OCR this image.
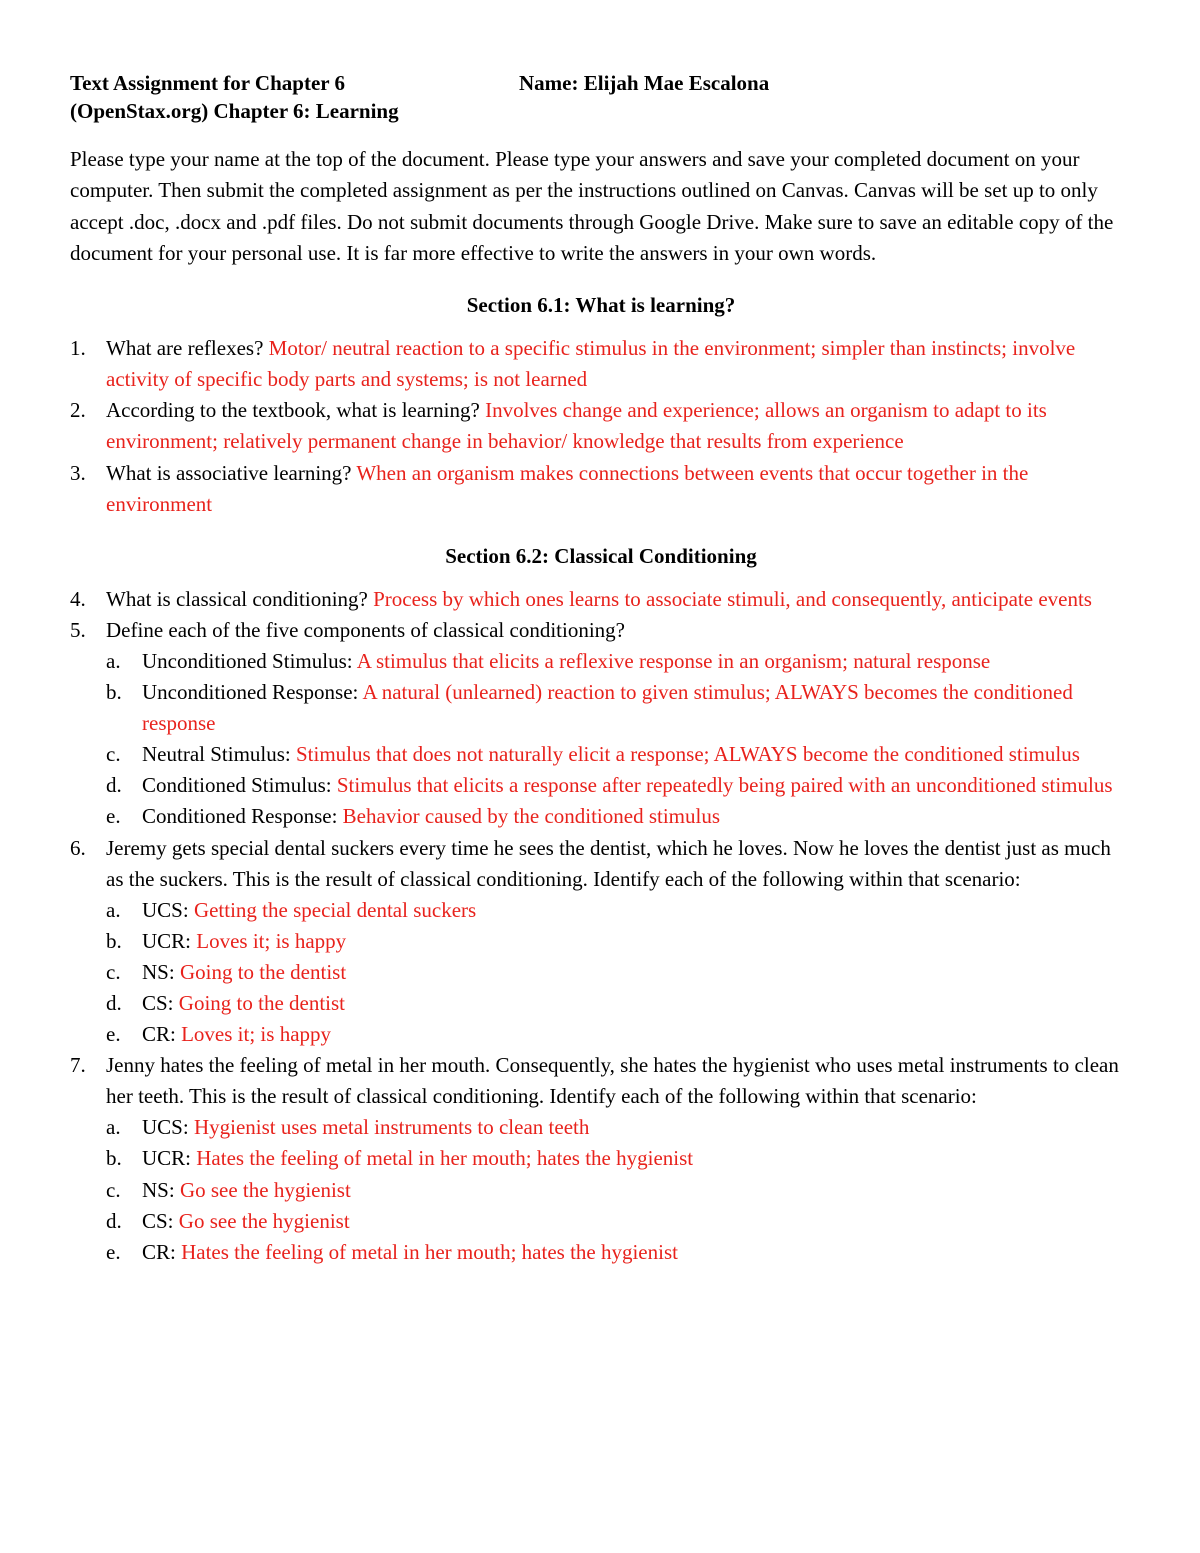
Text Assignment for Chapter 6
(OpenStax.org) Chapter 6: Learning
Name: Elijah Mae Escalona

Please type your name at the top of the document. Please type your answers and save your completed document on your computer. Then submit the completed assignment as per the instructions outlined on Canvas. Canvas will be set up to only accept .doc, .docx and .pdf files. Do not submit documents through Google Drive. Make sure to save an editable copy of the document for your personal use. It is far more effective to write the answers in your own words.

Section 6.1: What is learning?

1. What are reflexes? Motor/ neutral reaction to a specific stimulus in the environment; simpler than instincts; involve activity of specific body parts and systems; is not learned
2. According to the textbook, what is learning? Involves change and experience; allows an organism to adapt to its environment; relatively permanent change in behavior/ knowledge that results from experience
3. What is associative learning? When an organism makes connections between events that occur together in the environment

Section 6.2: Classical Conditioning

4. What is classical conditioning? Process by which ones learns to associate stimuli, and consequently, anticipate events
5. Define each of the five components of classical conditioning?
a. Unconditioned Stimulus: A stimulus that elicits a reflexive response in an organism; natural response
b. Unconditioned Response: A natural (unlearned) reaction to given stimulus; ALWAYS becomes the conditioned response
c. Neutral Stimulus: Stimulus that does not naturally elicit a response; ALWAYS become the conditioned stimulus
d. Conditioned Stimulus: Stimulus that elicits a response after repeatedly being paired with an unconditioned stimulus
e. Conditioned Response: Behavior caused by the conditioned stimulus
6. Jeremy gets special dental suckers every time he sees the dentist, which he loves. Now he loves the dentist just as much as the suckers. This is the result of classical conditioning. Identify each of the following within that scenario:
a. UCS: Getting the special dental suckers
b. UCR: Loves it; is happy
c. NS: Going to the dentist
d. CS: Going to the dentist
e. CR: Loves it; is happy
7. Jenny hates the feeling of metal in her mouth. Consequently, she hates the hygienist who uses metal instruments to clean her teeth. This is the result of classical conditioning. Identify each of the following within that scenario:
a. UCS: Hygienist uses metal instruments to clean teeth
b. UCR: Hates the feeling of metal in her mouth; hates the hygienist
c. NS: Go see the hygienist
d. CS: Go see the hygienist
e. CR: Hates the feeling of metal in her mouth; hates the hygienist
